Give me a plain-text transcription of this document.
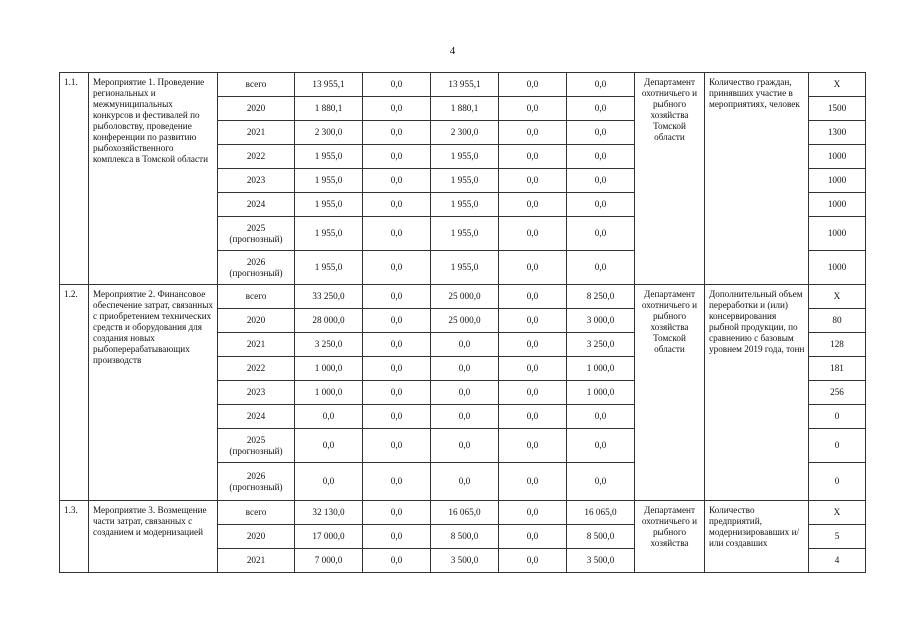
4
1.1.	Мероприятие 1. Проведение региональных и межмуниципальных конкурсов и фестивалей по рыболовству, проведение конференции по развитию рыбохозяйственного комплекса в Томской области	всего	13 955,1	0,0	13 955,1	0,0	0,0	Департамент охотничьего и рыбного хозяйства Томской области	Количество граждан, принявших участие в мероприятиях, человек	X

		2020	1 880,1	0,0	1 880,1	0,0	0,0			1500

		2021	2 300,0	0,0	2 300,0	0,0	0,0			1300

		2022	1 955,0	0,0	1 955,0	0,0	0,0			1000

		2023	1 955,0	0,0	1 955,0	0,0	0,0			1000

		2024	1 955,0	0,0	1 955,0	0,0	0,0			1000

		2025
(прогнозный)	1 955,0	0,0	1 955,0	0,0	0,0			1000

		2026
(прогнозный)	1 955,0	0,0	1 955,0	0,0	0,0			1000
1.2.	Мероприятие 2. Финансовое обеспечение затрат, связанных с приобретением технических средств и оборудования для создания новых рыбоперерабатывающих производств	всего	33 250,0	0,0	25 000,0	0,0	8 250,0	Департамент охотничьего и рыбного хозяйства Томской области	Дополнительный объем переработки и (или) консервирования рыбной продукции, по сравнению с базовым уровнем 2019 года, тонн	X

		2020	28 000,0	0,0	25 000,0	0,0	3 000,0			80

		2021	3 250,0	0,0	0,0	0,0	3 250,0			128

		2022	1 000,0	0,0	0,0	0,0	1 000,0			181

		2023	1 000,0	0,0	0,0	0,0	1 000,0			256

		2024	0,0	0,0	0,0	0,0	0,0			0

		2025
(прогнозный)	0,0	0,0	0,0	0,0	0,0			0

		2026
(прогнозный)	0,0	0,0	0,0	0,0	0,0			0
1.3.	Мероприятие 3. Возмещение части затрат, связанных с созданием и модернизацией	всего	32 130,0	0,0	16 065,0	0,0	16 065,0	Департамент охотничьего и рыбного хозяйства	Количество предприятий, модернизировавших и/или создавших	X

		2020	17 000,0	0,0	8 500,0	0,0	8 500,0			5

		2021	7 000,0	0,0	3 500,0	0,0	3 500,0			4
